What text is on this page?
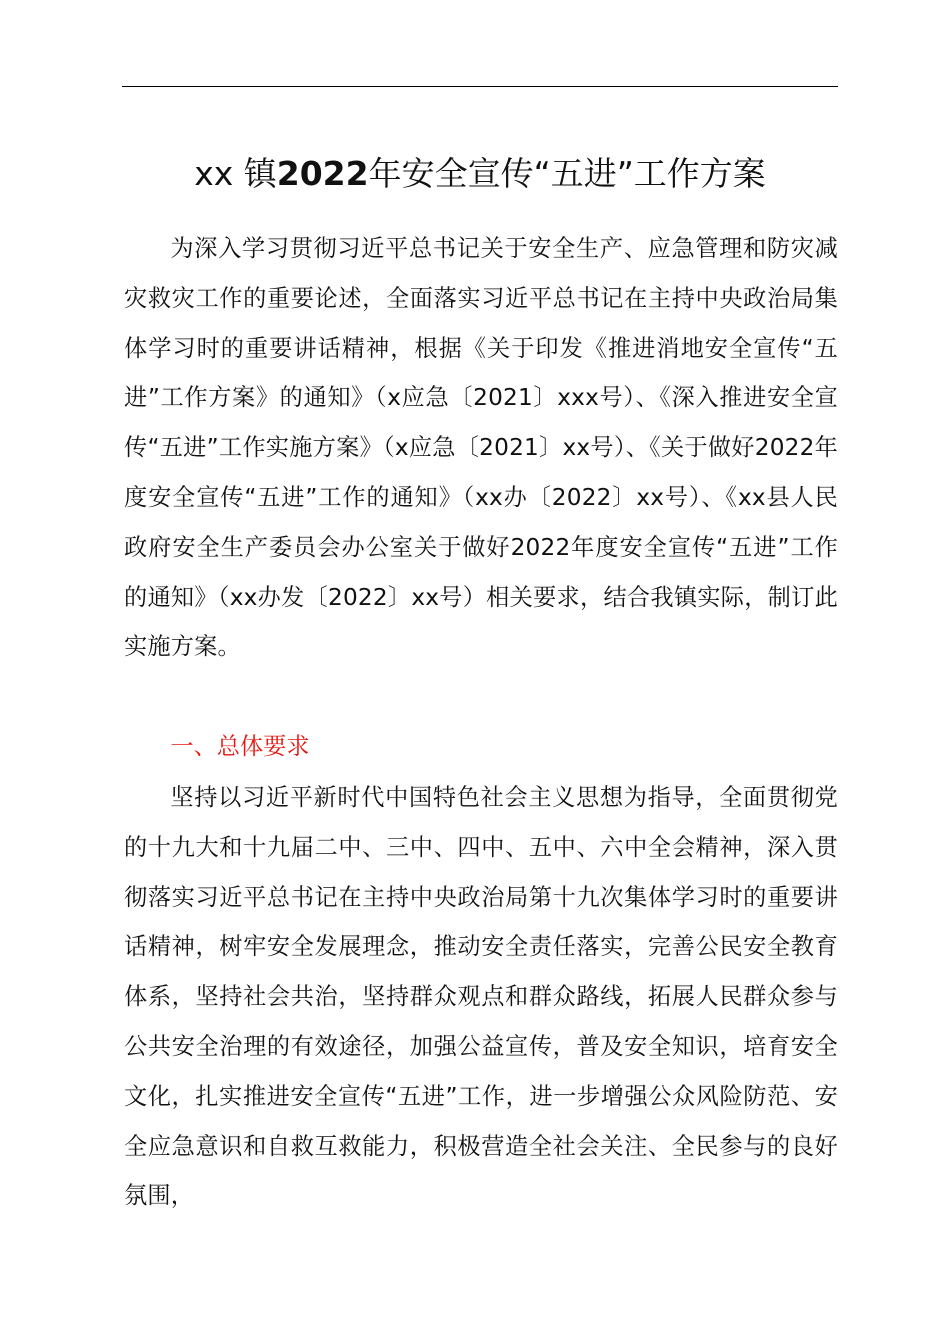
xx 镇2022年安全宣传“五进”工作方案

为深入学习贯彻习近平总书记关于安全生产、应急管理和防灾减灾救灾工作的重要论述，全面落实习近平总书记在主持中央政治局集体学习时的重要讲话精神，根据《关于印发《推进消地安全宣传“五进”工作方案》的通知》（x应急〔2021〕xxx号）、《深入推进安全宣传“五进”工作实施方案》（x应急〔2021〕xx号）、《关于做好2022年度安全宣传“五进”工作的通知》（xx办〔2022〕xx号）、《xx县人民政府安全生产委员会办公室关于做好2022年度安全宣传“五进”工作的通知》（xx办发〔2022〕xx号）相关要求，结合我镇实际，制订此实施方案。

一、总体要求

坚持以习近平新时代中国特色社会主义思想为指导，全面贯彻党的十九大和十九届二中、三中、四中、五中、六中全会精神，深入贯彻落实习近平总书记在主持中央政治局第十九次集体学习时的重要讲话精神，树牢安全发展理念，推动安全责任落实，完善公民安全教育体系，坚持社会共治，坚持群众观点和群众路线，拓展人民群众参与公共安全治理的有效途径，加强公益宣传，普及安全知识，培育安全文化，扎实推进安全宣传“五进”工作，进一步增强公众风险防范、安全应急意识和自救互救能力，积极营造全社会关注、全民参与的良好氛围，
